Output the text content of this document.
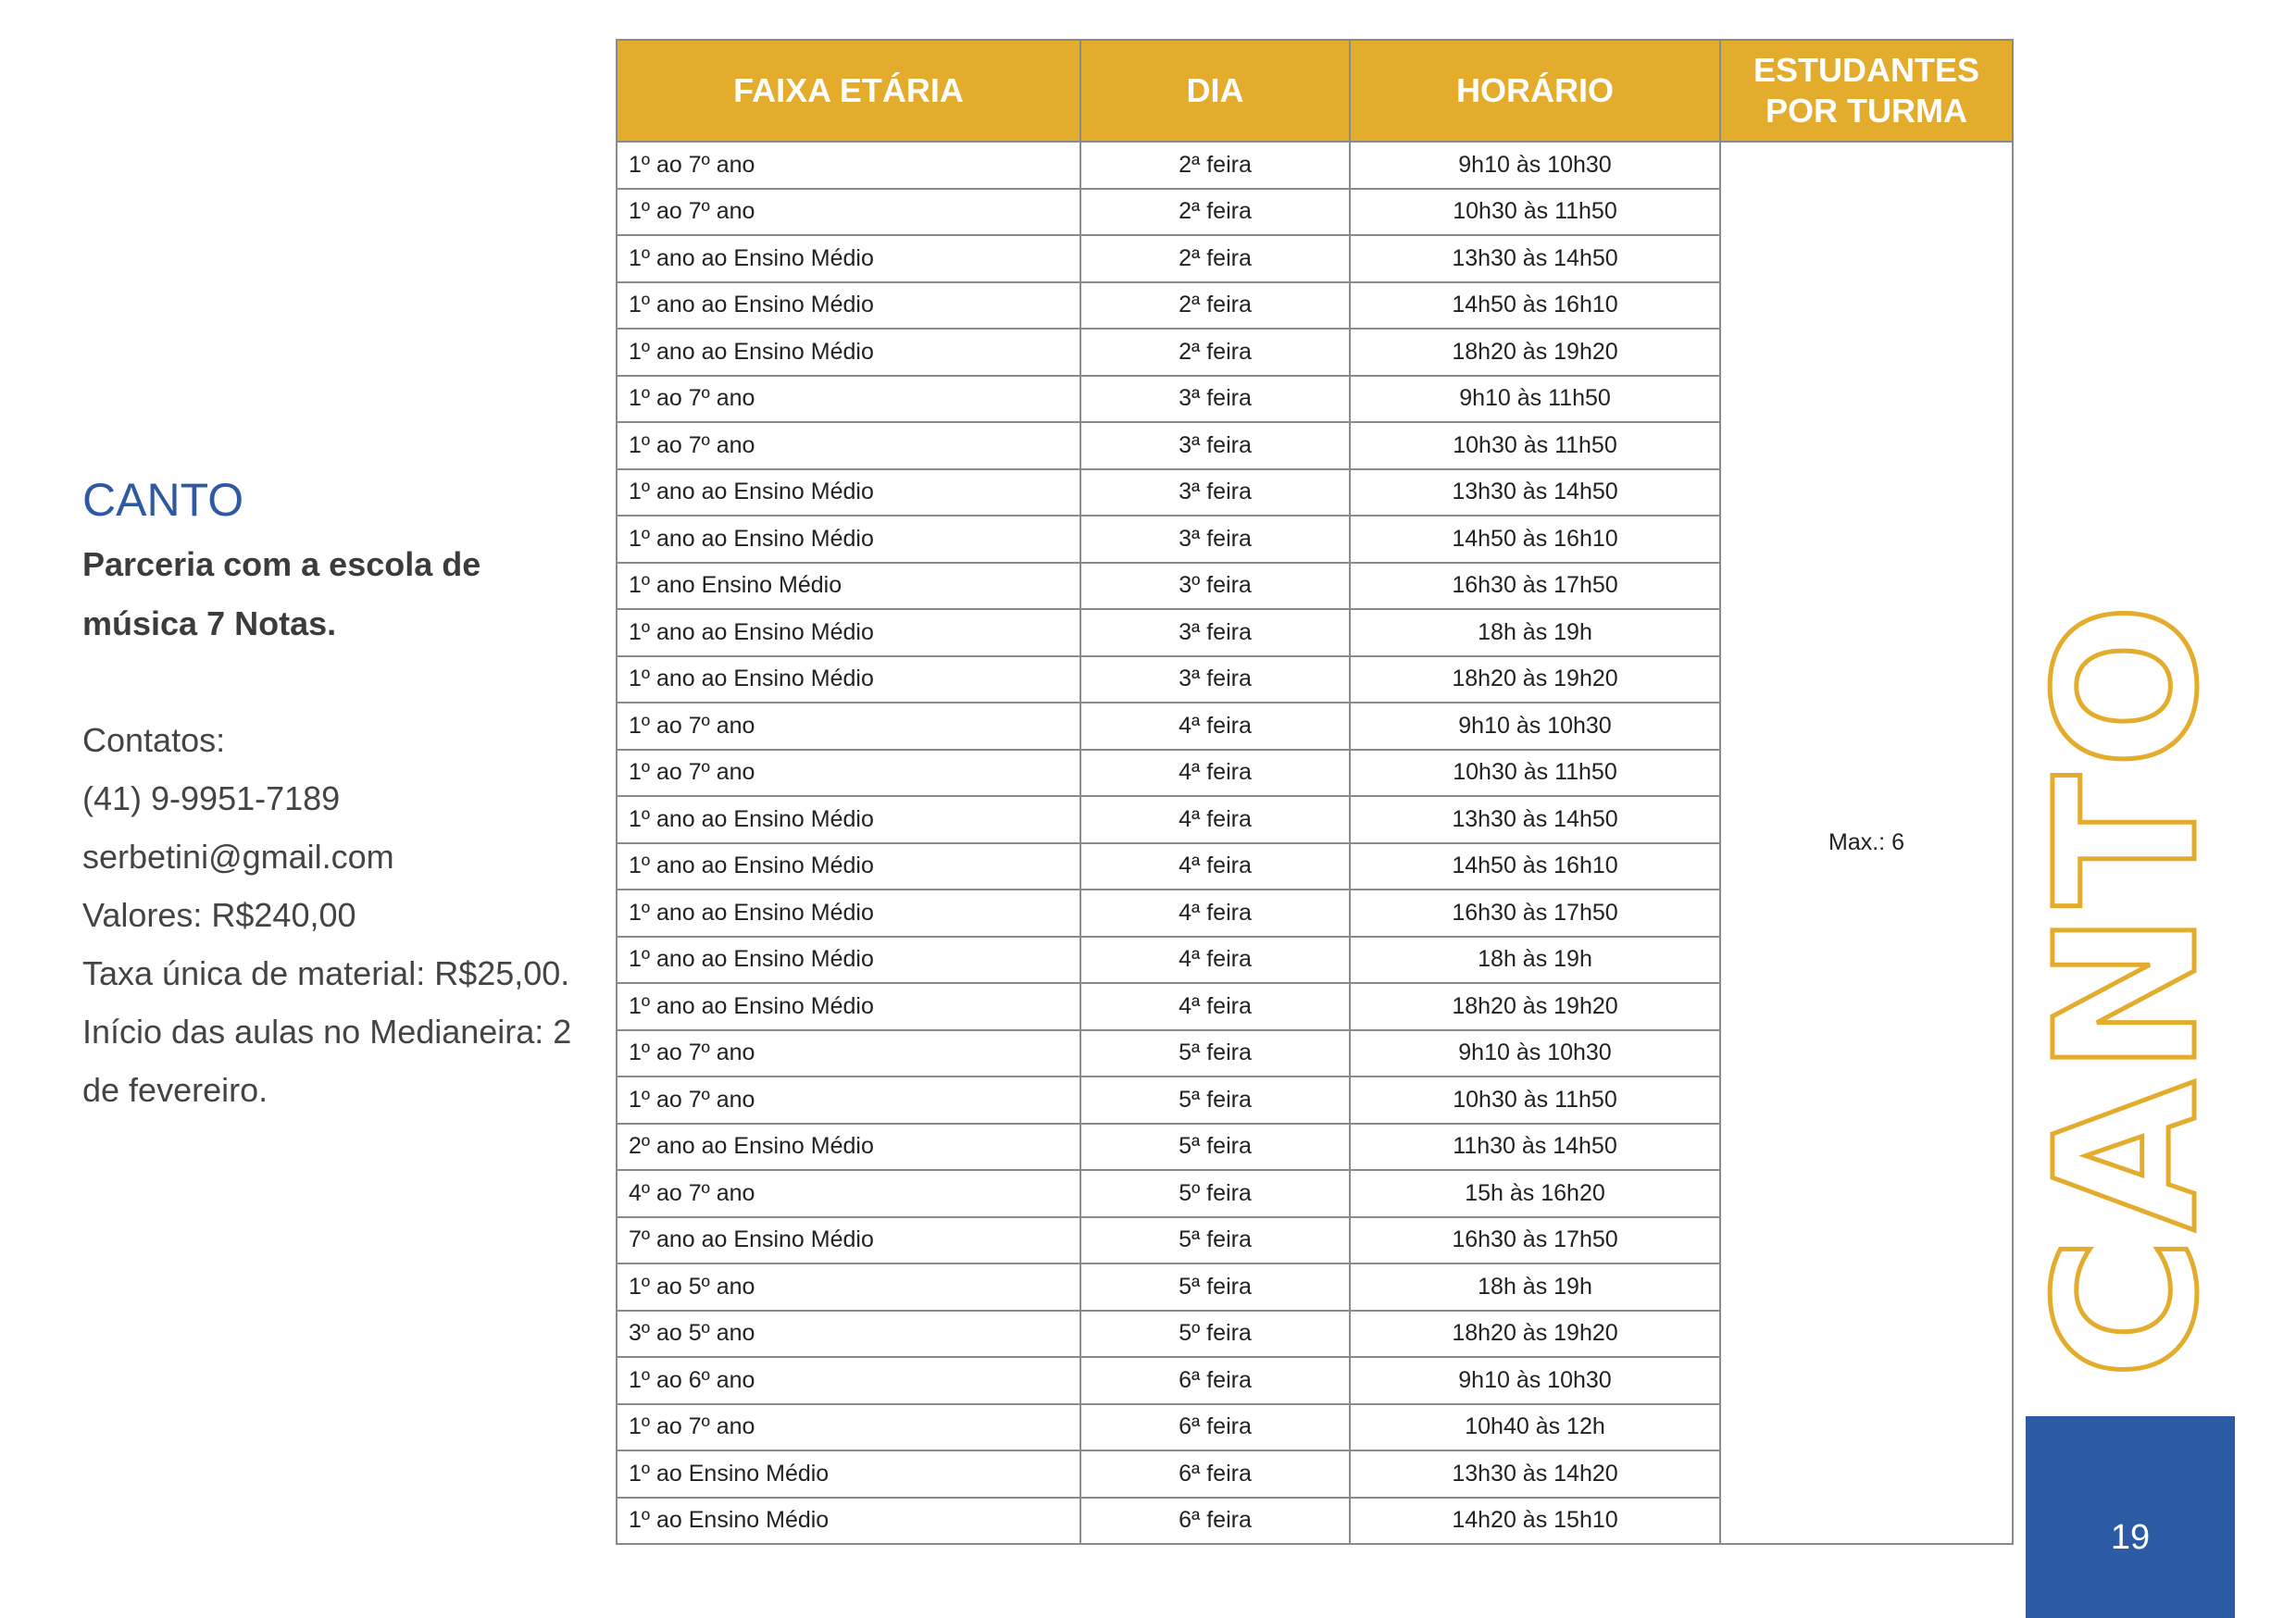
CANTO

Parceria com a escola de

música 7 Notas.

Contatos:
(41) 9-9951-7189
serbetini@gmail.com
Valores: R$240,00
Taxa única de material: R$25,00.
Início das aulas no Medianeira: 2
de fevereiro.
FAIXA ETÁRIA	DIA	HORÁRIO	ESTUDANTES POR TURMA
1º ao 7º ano	2ª feira	9h10 às 10h30	Max.: 6
1º ao 7º ano	2ª feira	10h30 às 11h50	
1º ano ao Ensino Médio	2ª feira	13h30 às 14h50	
1º ano ao Ensino Médio	2ª feira	14h50 às 16h10	
1º ano ao Ensino Médio	2ª feira	18h20 às 19h20	
1º ao 7º ano	3ª feira	9h10 às 11h50	
1º ao 7º ano	3ª feira	10h30 às 11h50	
1º ano ao Ensino Médio	3ª feira	13h30 às 14h50	
1º ano ao Ensino Médio	3ª feira	14h50 às 16h10	
1º ano Ensino Médio	3º feira	16h30 às 17h50	
1º ano ao Ensino Médio	3ª feira	18h às 19h	
1º ano ao Ensino Médio	3ª feira	18h20 às 19h20	
1º ao 7º ano	4ª feira	9h10 às 10h30	
1º ao 7º ano	4ª feira	10h30 às 11h50	
1º ano ao Ensino Médio	4ª feira	13h30 às 14h50	
1º ano ao Ensino Médio	4ª feira	14h50 às 16h10	
1º ano ao Ensino Médio	4ª feira	16h30 às 17h50	
1º ano ao Ensino Médio	4ª feira	18h às 19h	
1º ano ao Ensino Médio	4ª feira	18h20 às 19h20	
1º ao 7º ano	5ª feira	9h10 às 10h30	
1º ao 7º ano	5ª feira	10h30 às 11h50	
2º ano ao Ensino Médio	5ª feira	11h30 às 14h50	
4º ao 7º ano	5º feira	15h às 16h20	
7º ano ao Ensino Médio	5ª feira	16h30 às 17h50	
1º ao 5º ano	5ª feira	18h às 19h	
3º ao 5º ano	5º feira	18h20 às 19h20	
1º ao 6º ano	6ª feira	9h10 às 10h30	
1º ao 7º ano	6ª feira	10h40 às 12h	
1º ao Ensino Médio	6ª feira	13h30 às 14h20	
1º ao Ensino Médio	6ª feira	14h20 às 15h10	
CANTO
19
